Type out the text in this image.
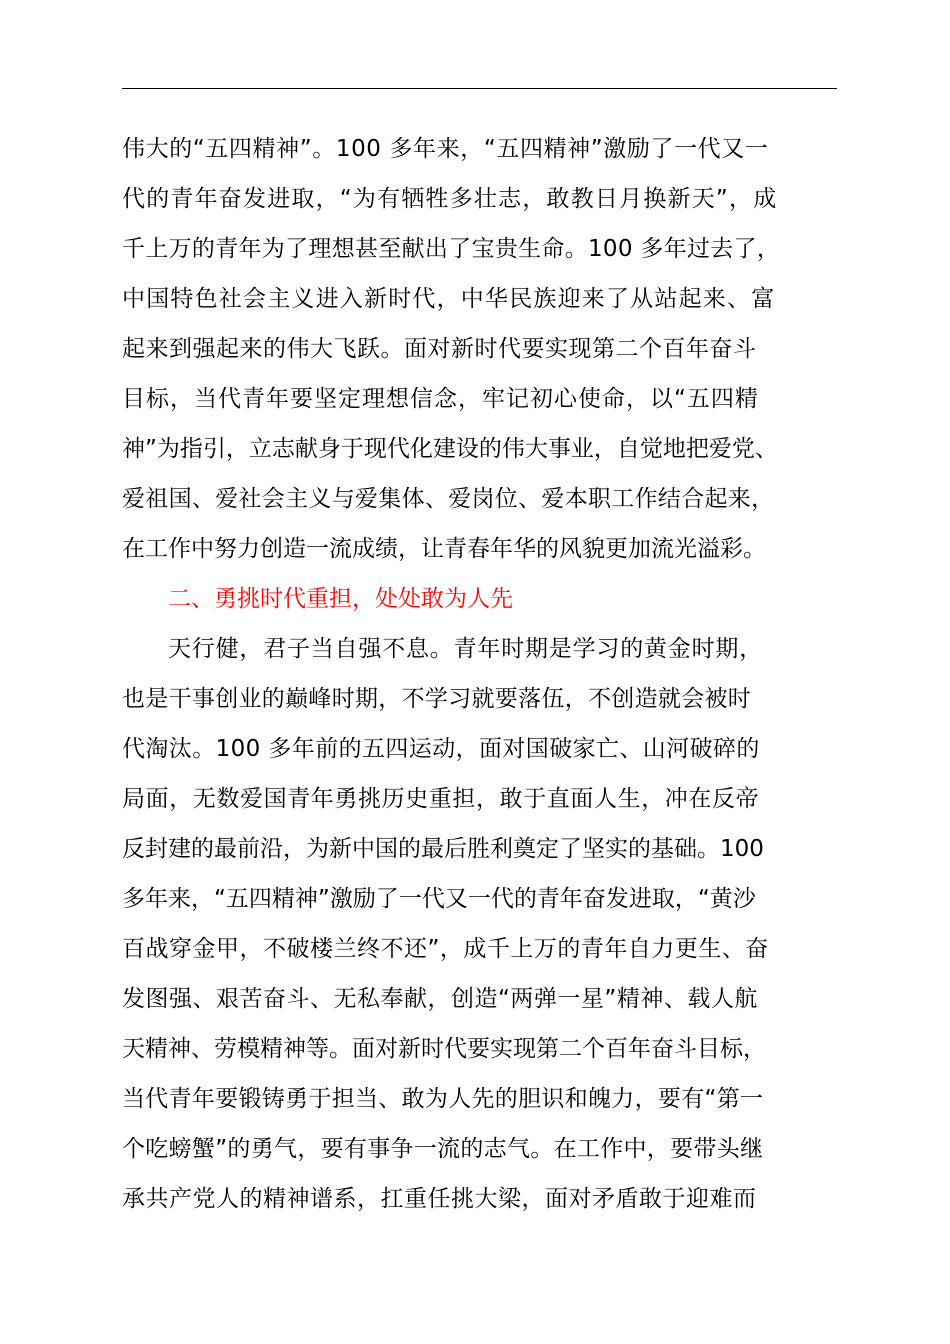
伟大的“五四精神”。100 多年来，“五四精神”激励了一代又一
代的青年奋发进取，“为有牺牲多壮志，敢教日月换新天”，成
千上万的青年为了理想甚至献出了宝贵生命。100 多年过去了，
中国特色社会主义进入新时代，中华民族迎来了从站起来、富
起来到强起来的伟大飞跃。面对新时代要实现第二个百年奋斗
目标，当代青年要坚定理想信念，牢记初心使命，以“五四精
神”为指引，立志献身于现代化建设的伟大事业，自觉地把爱党、
爱祖国、爱社会主义与爱集体、爱岗位、爱本职工作结合起来，
在工作中努力创造一流成绩，让青春年华的风貌更加流光溢彩。
二、勇挑时代重担，处处敢为人先
天行健，君子当自强不息。青年时期是学习的黄金时期，
也是干事创业的巅峰时期，不学习就要落伍，不创造就会被时
代淘汰。100 多年前的五四运动，面对国破家亡、山河破碎的
局面，无数爱国青年勇挑历史重担，敢于直面人生，冲在反帝
反封建的最前沿，为新中国的最后胜利奠定了坚实的基础。100
多年来，“五四精神”激励了一代又一代的青年奋发进取，“黄沙
百战穿金甲，不破楼兰终不还”，成千上万的青年自力更生、奋
发图强、艰苦奋斗、无私奉献，创造“两弹一星”精神、载人航
天精神、劳模精神等。面对新时代要实现第二个百年奋斗目标，
当代青年要锻铸勇于担当、敢为人先的胆识和魄力，要有“第一
个吃螃蟹”的勇气，要有事争一流的志气。在工作中，要带头继
承共产党人的精神谱系，扛重任挑大梁，面对矛盾敢于迎难而
